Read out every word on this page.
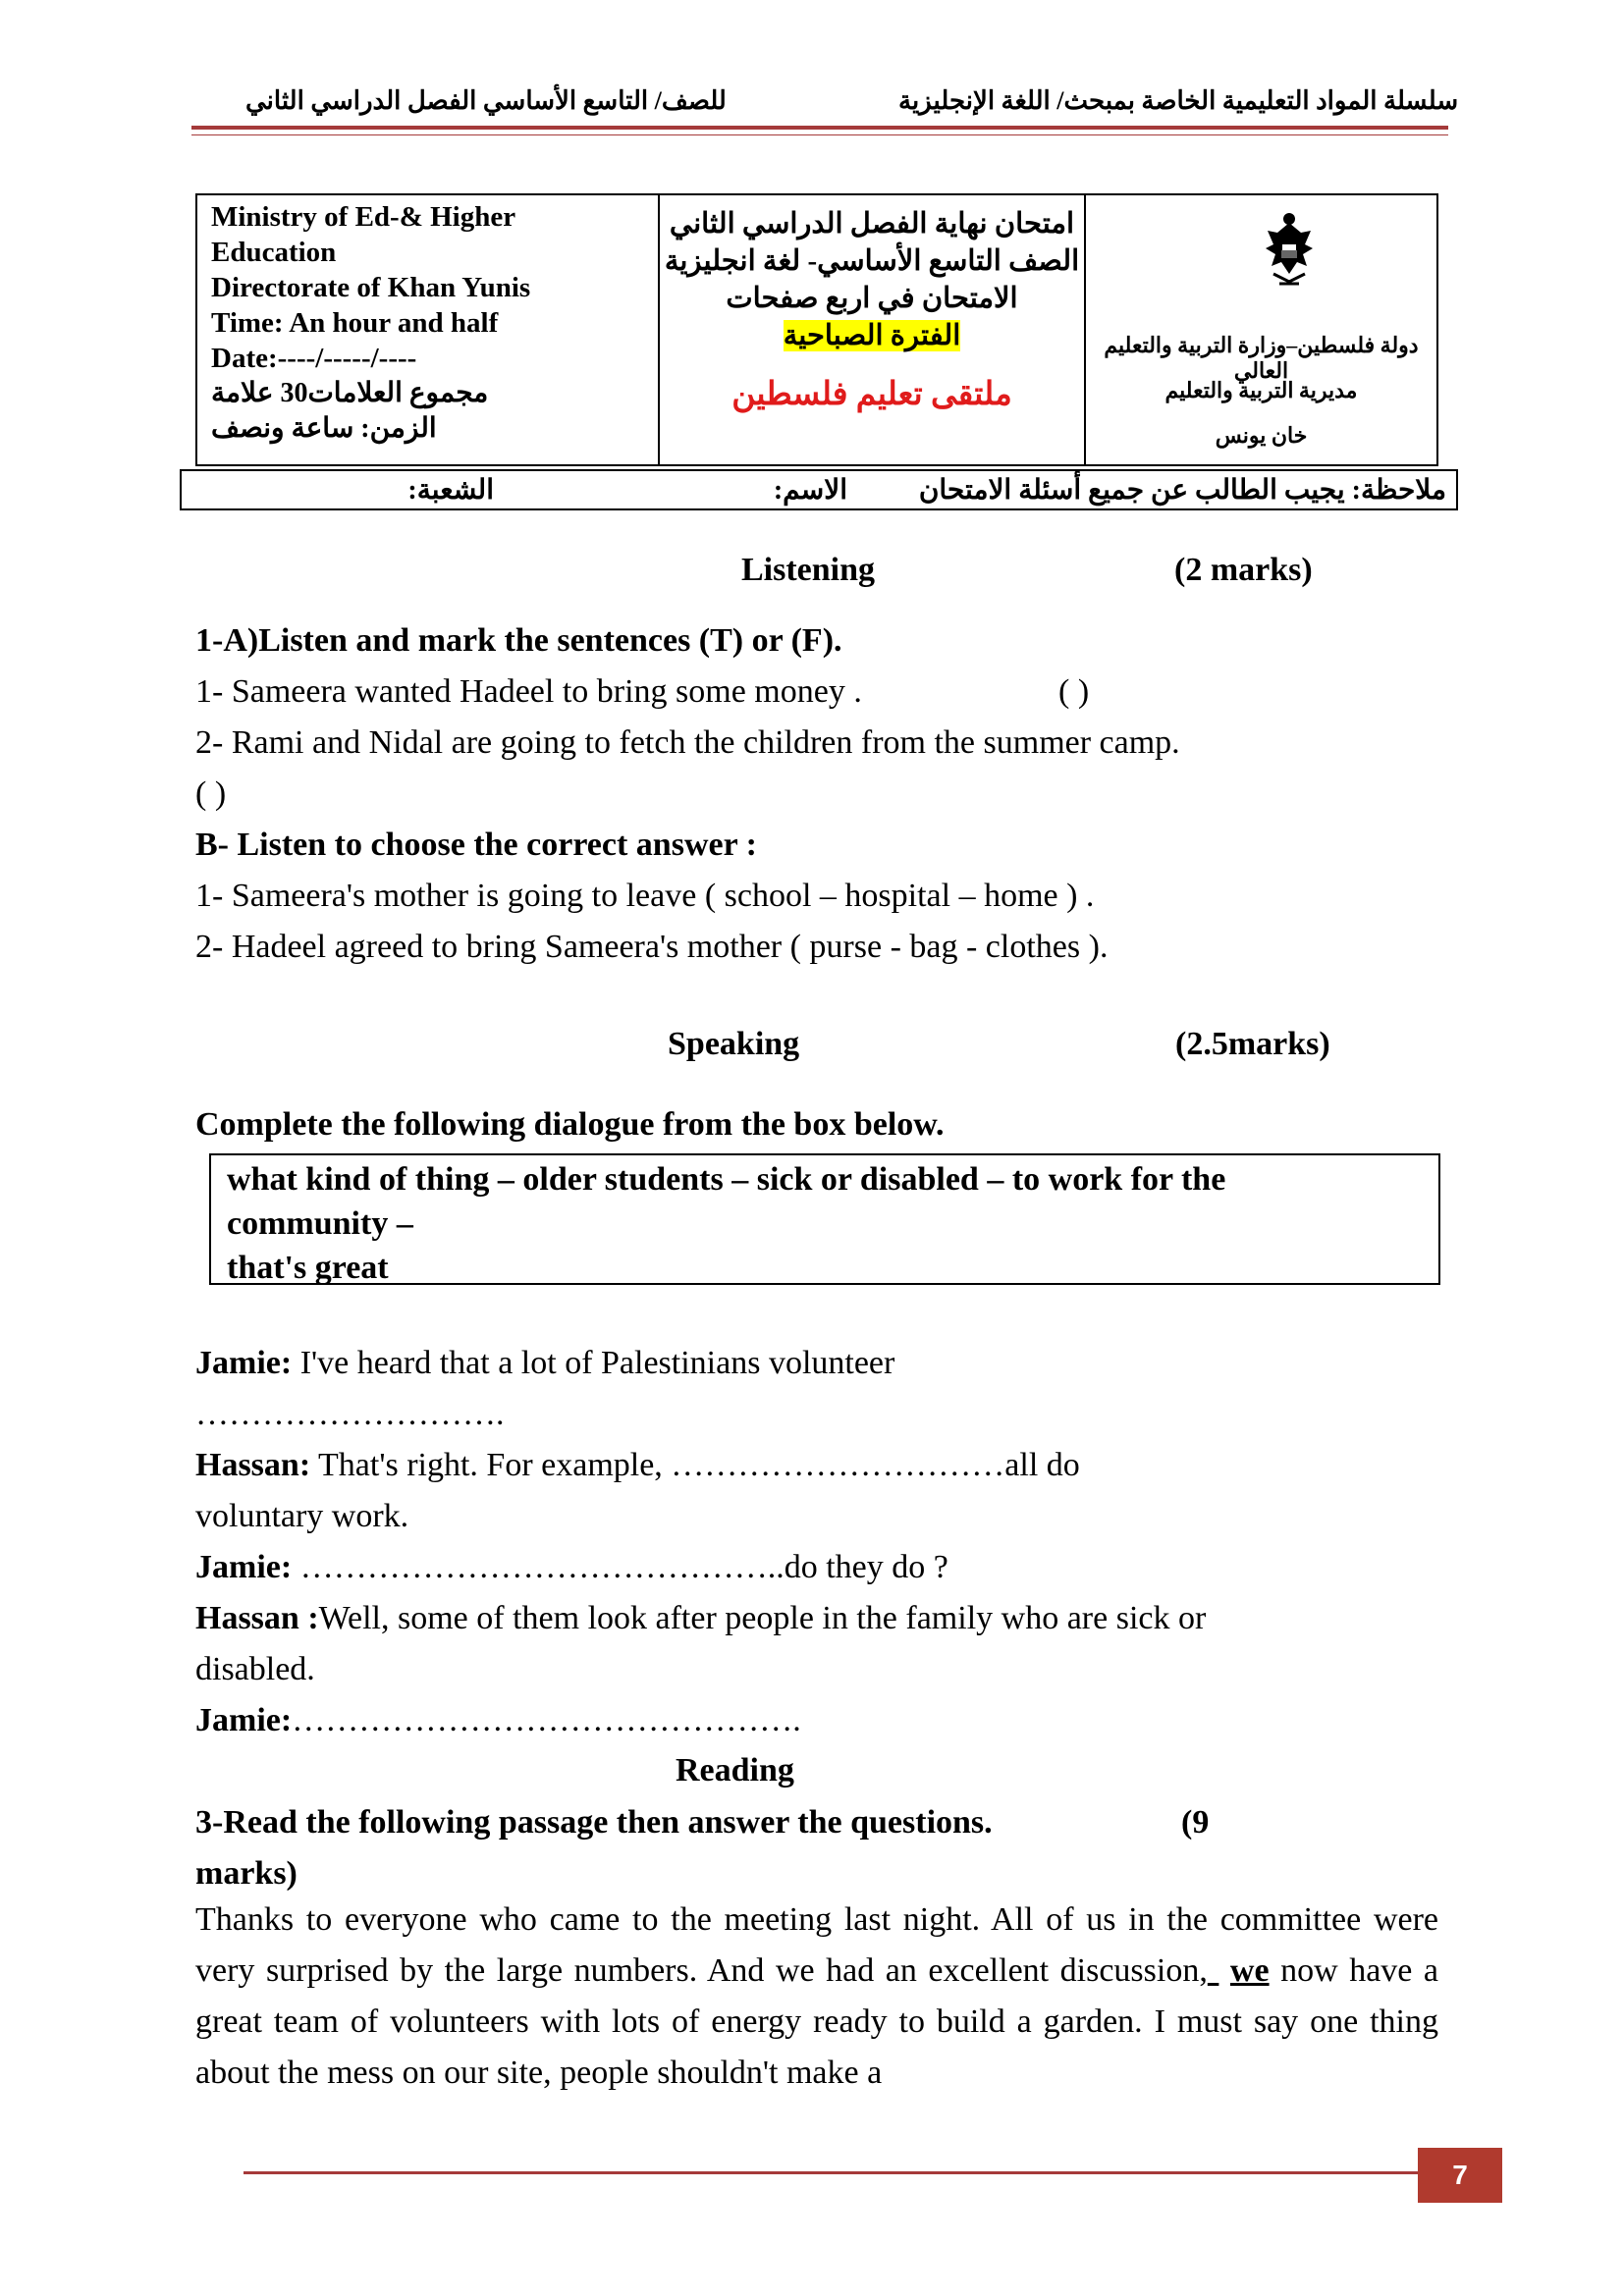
سلسلة المواد التعليمية الخاصة بمبحث/ اللغة الإنجليزية
للصف/ التاسع الأساسي الفصل الدراسي الثاني
Ministry of Ed-& Higher
Education
Directorate of Khan Yunis
Time: An hour and half
Date:----/-----/----
مجموع العلامات30 علامة
الزمن: ساعة ونصف

امتحان نهاية الفصل الدراسي الثاني
الصف التاسع الأساسي- لغة انجليزية
الامتحان في اربع صفحات
الفترة الصباحية
ملتقى تعليم فلسطين

دولة فلسطين–وزارة التربية والتعليم العالي
مديرية التربية والتعليم
خان يونس
ملاحظة: يجيب الطالب عن جميع أسئلة الامتحان
الاسم:
الشعبة:
Listening	(2 marks)
1-A)Listen and mark the sentences (T) or (F).
1- Sameera wanted Hadeel to bring some money .	( )
2- Rami and Nidal are going to fetch the children from the summer camp.
( )
B- Listen to choose the correct answer :
1- Sameera's mother is going to leave ( school – hospital – home ) .
2- Hadeel agreed to bring Sameera's mother ( purse - bag - clothes ).
Speaking	(2.5marks)
Complete the following dialogue from the box below.
what kind of thing – older students – sick or disabled – to work for the
community –
that's great
Jamie: I've heard that a lot of Palestinians volunteer
……………………….
Hassan: That's right. For example, …………………………all do
voluntary work.
Jamie: ……………………………………..do they do ?
Hassan :Well, some of them look after people in the family who are sick or
disabled.
Jamie:……………………………………….
Reading
3-Read the following passage then answer the questions.	(9
marks)
Thanks to everyone who came to the meeting last night. All of us in the committee were very surprised by the large numbers. And we had an excellent discussion, we now have a great team of volunteers with lots of energy ready to build a garden. I must say one thing about the mess on our site, people shouldn't make a
7
